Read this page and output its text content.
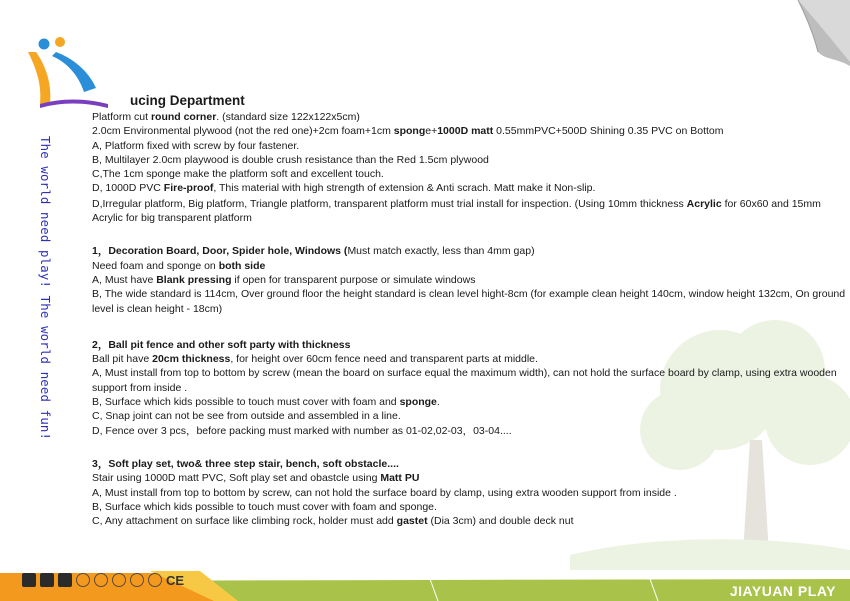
The world need play! The world need fun!

ucing Department

Platform cut round corner. (standard size 122x122x5cm)

2.0cm Environmental plywood (not the red one)+2cm foam+1cm sponge+1000D matt 0.55mmPVC+500D Shining 0.35 PVC on Bottom

A, Platform fixed with screw by four fastener.

B, Multilayer 2.0cm playwood is double crush resistance than the Red 1.5cm plywood

C,The 1cm sponge make the platform soft and excellent touch.

D, 1000D PVC Fire-proof, This material with high strength of extension & Anti scrach. Matt make it Non-slip.

D,Irregular platform, Big platform, Triangle platform, transparent platform must trial install for inspection. (Using 10mm thickness Acrylic for 60x60 and 15mm Acrylic for big transparent platform

1，Decoration Board, Door, Spider hole, Windows (Must match exactly, less than 4mm gap)

Need foam and sponge on both side

A, Must have Blank pressing if open for transparent purpose or simulate windows

B, The wide standard is 114cm, Over ground floor the height standard is clean level hight-8cm (for example clean height 140cm, window height 132cm, On ground level is clean height - 18cm)

2，Ball pit fence and other soft party with thickness

Ball pit have 20cm thickness, for height over 60cm fence need and transparent parts at middle.

A, Must install from top to bottom by screw (mean the board on surface equal the maximum width), can not hold the surface board by clamp, using extra wooden support from inside .

B, Surface which kids possible to touch must cover with foam and sponge.

C, Snap joint can not be see from outside and assembled in a line.

D, Fence over 3 pcs，before packing must marked with number as 01-02,02-03，03-04....

3，Soft play set, two& three step stair, bench, soft obstacle....

Stair using 1000D matt PVC, Soft play set and obastcle using Matt PU

A, Must install from top to bottom by screw, can not hold the surface board by clamp, using extra wooden support from inside .

B, Surface which kids possible to touch must cover with foam and sponge.

C, Any attachment on surface like climbing rock, holder must add gastet (Dia 3cm) and double deck nut

CE
JIAYUAN PLAY
